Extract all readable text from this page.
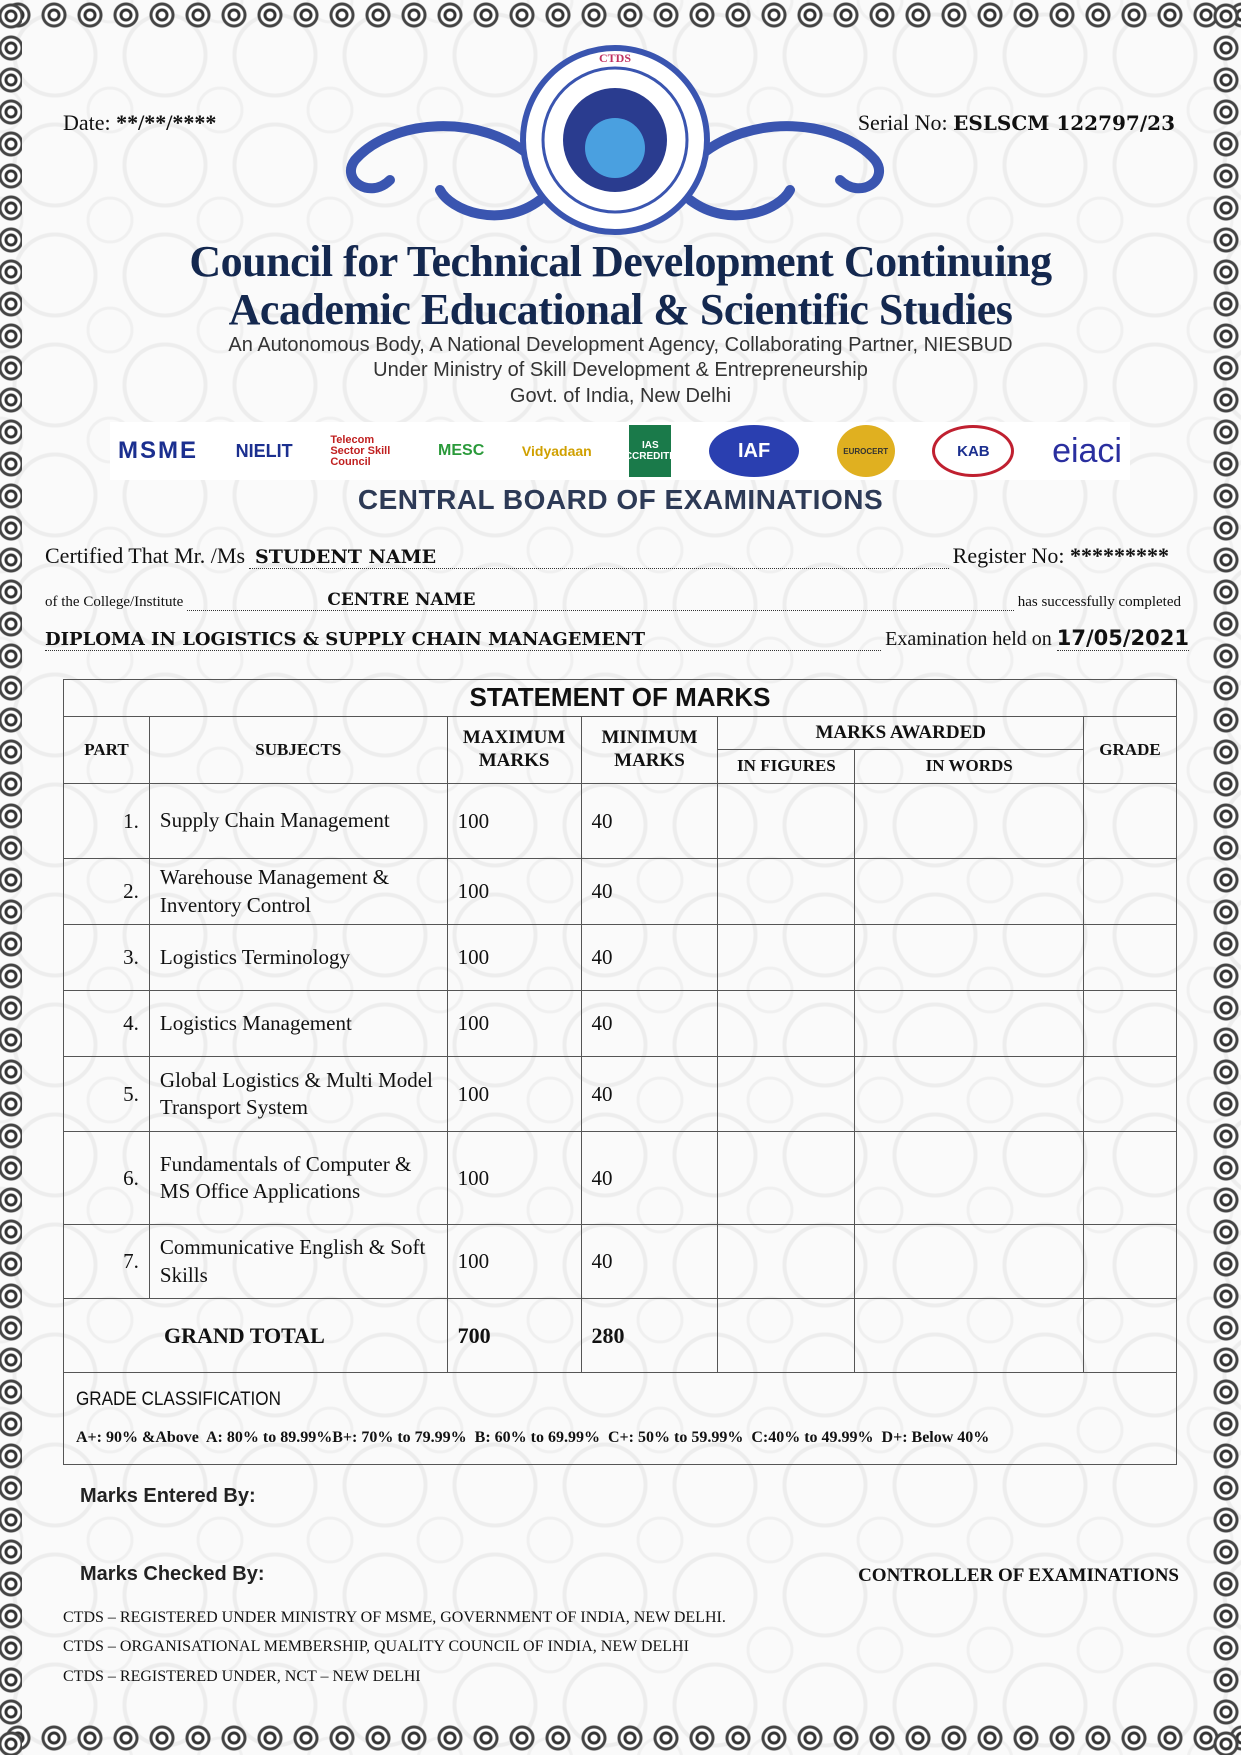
Date: **/**/****	Serial No: ESLSCM 122797/23
CTDS
Council for Technical Development Continuing
Academic Educational & Scientific Studies
An Autonomous Body, A National Development Agency, Collaborating Partner, NIESBUD
Under Ministry of Skill Development & Entrepreneurship
Govt. of India, New Delhi
MSME NIELIT
Telecom Sector Skill Council
MESC	Vidyadaan	IAS ACCREDITED	IAF	EUROCERT	KAB	eiaci
CENTRAL BOARD OF EXAMINATIONS
Certified That Mr. /Ms STUDENT NAME	Register No:
*********
of the College/Institute	CENTRE NAME	has successfully completed
DIPLOMA IN LOGISTICS & SUPPLY CHAIN MANAGEMENT	Examination held on
17/05/2021
STATEMENT OF MARKS						
PART	SUBJECTS	MAXIMUM MARKS	MINIMUM MARKS	MARKS AWARDED		GRADE
				IN FIGURES	IN WORDS	
1.	Supply Chain Management	100	40			
2.	Warehouse Management & Inventory Control	100	40			
3.	Logistics Terminology	100	40			
4.	Logistics Management	100	40			
5.	Global Logistics & Multi Model Transport System	100	40			
6.	Fundamentals of Computer & MS Office Applications	100	40			
7.	Communicative English & Soft Skills	100	40			
GRAND TOTAL		700	280			

GRADE CLASSIFICATION
A+: 90% &Above  A: 80% to 89.99%B+: 70% to 79.99%  B: 60% to 69.99%  C+: 50% to 59.99%  C:40% to 49.99%  D+: Below 40%						
Marks Entered By:
Marks Checked By:	CONTROLLER OF EXAMINATIONS
CTDS – REGISTERED UNDER MINISTRY OF MSME, GOVERNMENT OF INDIA, NEW DELHI.
CTDS – ORGANISATIONAL MEMBERSHIP, QUALITY COUNCIL OF INDIA, NEW DELHI
CTDS – REGISTERED UNDER, NCT – NEW DELHI
